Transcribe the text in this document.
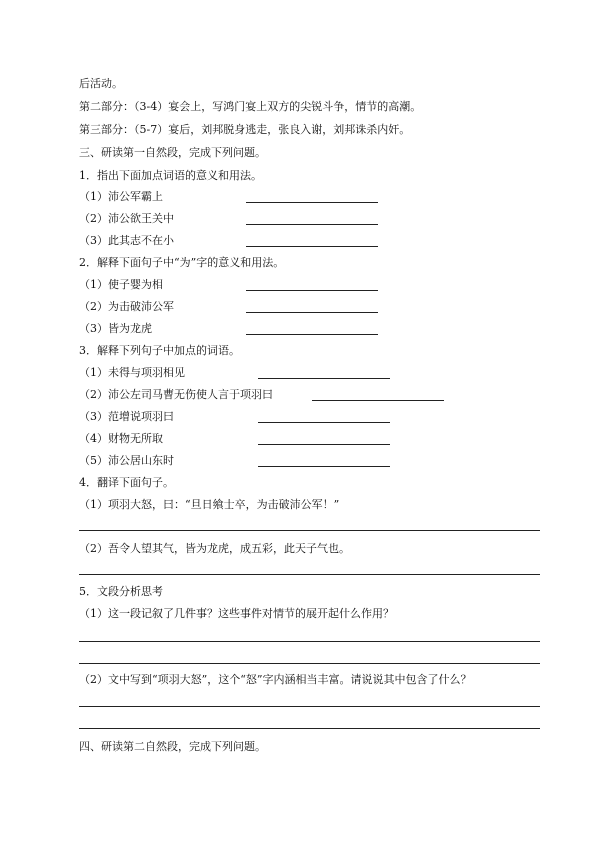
后活动。
第二部分：（3-4）宴会上，写鸿门宴上双方的尖锐斗争，情节的高潮。
第三部分：（5-7）宴后，刘邦脱身逃走，张良入谢，刘邦诛杀内奸。
三、研读第一自然段，完成下列问题。
1．指出下面加点词语的意义和用法。
（1）沛公军霸上
（2）沛公欲王关中
（3）此其志不在小
2．解释下面句子中“为”字的意义和用法。
（1）使子婴为相
（2）为击破沛公军
（3）皆为龙虎
3．解释下列句子中加点的词语。
（1）未得与项羽相见
（2）沛公左司马曹无伤使人言于项羽曰
（3）范增说项羽曰
（4）财物无所取
（5）沛公居山东时
4．翻译下面句子。
（1）项羽大怒，曰：“旦日飨士卒，为击破沛公军！”
（2）吾令人望其气，皆为龙虎，成五彩，此天子气也。
5．文段分析思考
（1）这一段记叙了几件事？这些事件对情节的展开起什么作用？
（2）文中写到“项羽大怒”，这个“怒”字内涵相当丰富。请说说其中包含了什么？
四、研读第二自然段，完成下列问题。
